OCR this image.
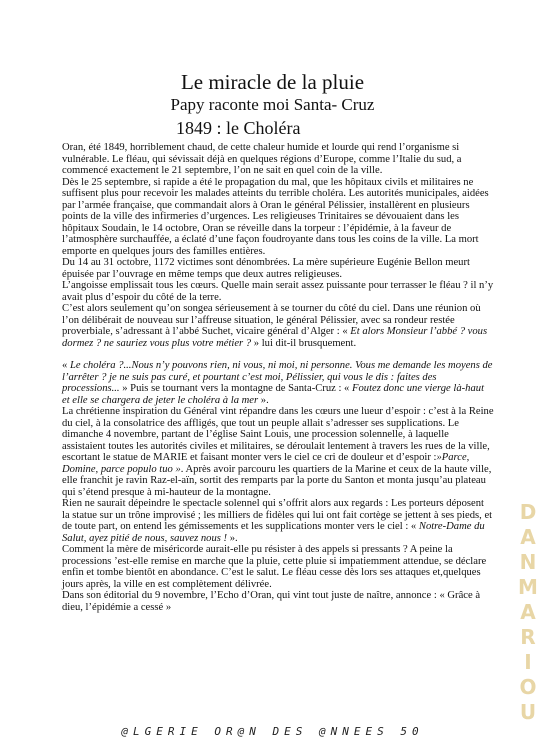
Le miracle de la pluie
Papy raconte moi Santa- Cruz
1849 : le Choléra

Oran, été 1849, horriblement chaud, de cette chaleur humide et lourde qui rend l’organisme si vulnérable. Le fléau, qui sévissait déjà en quelques régions d’Europe, comme l’Italie du sud, a commencé exactement le 21 septembre, l’on ne sait en quel coin de la ville.

Dès le 25 septembre, si rapide a été le propagation du mal, que les hôpitaux civils et militaires ne suffisent plus pour recevoir les malades atteints du terrible choléra. Les autorités municipales, aidées par l’armée française, que commandait alors à Oran le général Pélissier, installèrent en plusieurs points de la ville des infirmeries d’urgences. Les religieuses Trinitaires se dévouaient dans les hôpitaux Soudain, le 14 octobre, Oran se réveille dans la torpeur : l’épidémie, à la faveur de l’atmosphère surchauffée, a éclaté d’une façon foudroyante dans tous les coins de la ville. La mort emporte en quelques jours des familles entières.

Du 14 au 31 octobre, 1172 victimes sont dénombrées. La mère supérieure Eugénie Bellon meurt épuisée par l’ouvrage en même temps que deux autres religieuses.

L’angoisse emplissait tous les cœurs. Quelle main serait assez puissante pour terrasser le fléau ? il n’y avait plus d’espoir du côté de la terre.

C’est alors seulement qu’on songea sérieusement à se tourner du côté du ciel. Dans une réunion où l’on délibérait de nouveau sur l’affreuse situation, le général Pélissier, avec sa rondeur restée proverbiale, s’adressant à l’abbé Suchet, vicaire général d’Alger : « Et alors Monsieur l’abbé ? vous dormez ? ne sauriez vous plus votre métier ? » lui dit-il brusquement.

« Le choléra ?...Nous n’y pouvons rien, ni vous, ni moi, ni personne. Vous me demande les moyens de l’arrêter ? je ne suis pas curé, et pourtant c’est moi, Pélissier, qui vous le dis : faites des processions... » Puis se tournant vers la montagne de Santa-Cruz : « Foutez donc une vierge là-haut et elle se chargera de jeter le choléra à la mer ».

La chrétienne inspiration du Général vint répandre dans les cœurs une lueur d’espoir : c’est à la Reine du ciel, à la consolatrice des affligés, que tout un peuple allait s’adresser ses supplications. Le dimanche 4 novembre, partant de l’église Saint Louis, une procession solennelle, à laquelle assistaient toutes les autorités civiles et militaires, se déroulait lentement à travers les rues de la ville, escortant le statue de MARIE et faisant monter vers le ciel ce cri de douleur et d’espoir :»Parce, Domine, parce populo tuo ». Après avoir parcouru les quartiers de la Marine et ceux de la haute ville, elle franchit je ravin Raz-el-aïn, sortit des remparts par la porte du Santon et monta jusqu’au plateau qui s’étend presque à mi-hauteur de la montagne.

Rien ne saurait dépeindre le spectacle solennel qui s’offrit alors aux regards : Les porteurs déposent la statue sur un trône improvisé ; les milliers de fidèles qui lui ont fait cortège se jettent à ses pieds, et de toute part, on entend les gémissements et les supplications monter vers le ciel : « Notre-Dame du Salut, ayez pitié de nous, sauvez nous ! ».

Comment la mère de miséricorde aurait-elle pu résister à des appels si pressants ? A peine la processions ’est-elle remise en marche que la pluie, cette pluie si impatiemment attendue, se déclare enfin et tombe bientôt en abondance. C’est le salut. Le fléau cesse dès lors ses attaques et,quelques jours après, la ville en est complètement délivrée.

Dans son éditorial du 9 novembre, l’Echo d’Oran, qui vint tout juste de naître, annonce : « Grâce à dieu, l’épidémie a cessé »	DANMARIOU
@LGERIE OR@N DES @NNEES 50
